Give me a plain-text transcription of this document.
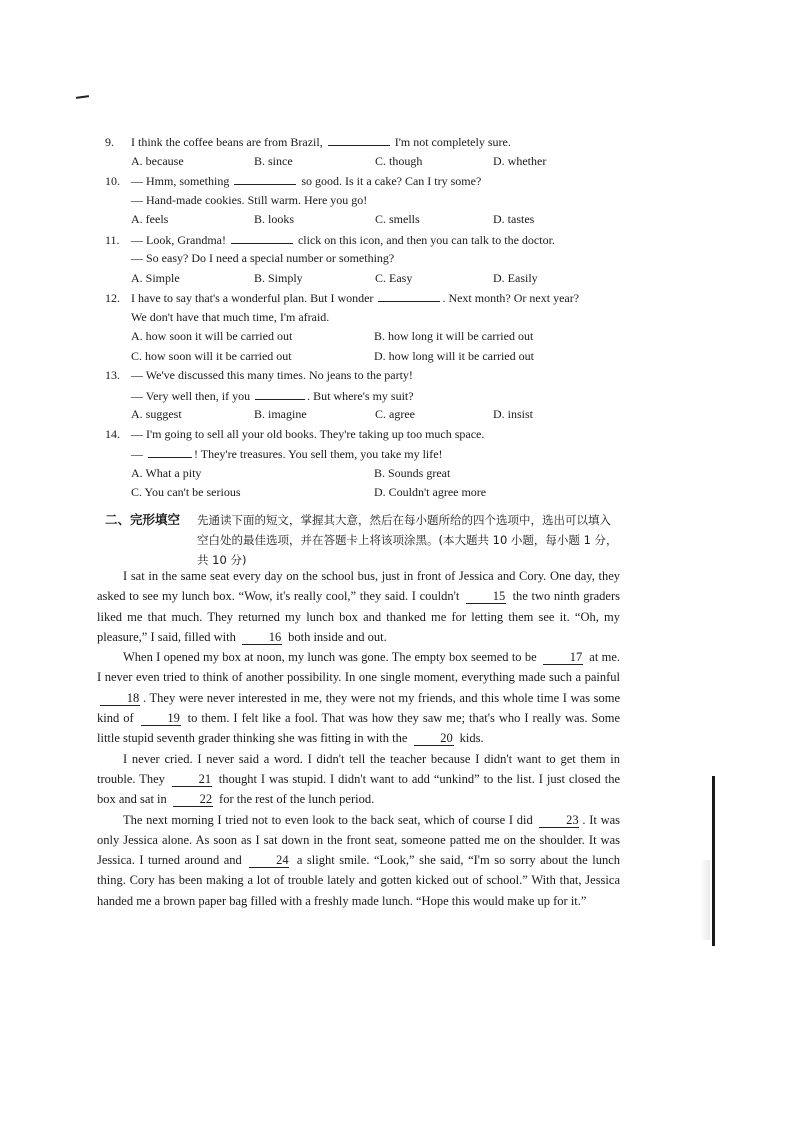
9.	I think the coffee beans are from Brazil,	I'm not completely sure.
A. because	B. since	C. though	D. whether
10. — Hmm, something	so good. Is it a cake? Can I try some?
— Hand-made cookies. Still warm. Here you go!
A. feels	B. looks	C. smells	D. tastes
11. — Look, Grandma!	click on this icon, and then you can talk to the doctor.
— So easy? Do I need a special number or something?
A. Simple	B. Simply	C. Easy	D. Easily
12. I have to say that's a wonderful plan. But I wonder	. Next month? Or next year?
We don't have that much time, I'm afraid.
A. how soon it will be carried out	B. how long it will be carried out
C. how soon will it be carried out	D. how long will it be carried out
13. — We've discussed this many times. No jeans to the party!
— Very well then, if you	. But where's my suit?
A. suggest	B. imagine	C. agree	D. insist
14. — I'm going to sell all your old books. They're taking up too much space.
—	! They're treasures. You sell them, you take my life!
A. What a pity	B. Sounds great
C. You can't be serious	D. Couldn't agree more
二、完形填空	先通读下面的短文，掌握其大意，然后在每小题所给的四个选项中，选出可以填入空白处的最佳选项，并在答题卡上将该项涂黑。(本大题共 10 小题，每小题 1 分，共 10 分)

I sat in the same seat every day on the school bus, just in front of Jessica and Cory. One day, they asked to see my lunch box. “Wow, it's really cool,” they said. I couldn't 15 the two ninth graders liked me that much. They returned my lunch box and thanked me for letting them see it. “Oh, my pleasure,” I said, filled with 16 both inside and out.

When I opened my box at noon, my lunch was gone. The empty box seemed to be 17 at me. I never even tried to think of another possibility. In one single moment, everything made such a painful 18 . They were never interested in me, they were not my friends, and this whole time I was some kind of 19 to them. I felt like a fool. That was how they saw me; that's who I really was. Some little stupid seventh grader thinking she was fitting in with the 20 kids.

I never cried. I never said a word. I didn't tell the teacher because I didn't want to get them in trouble. They 21 thought I was stupid. I didn't want to add “unkind” to the list. I just closed the box and sat in 22 for the rest of the lunch period.

The next morning I tried not to even look to the back seat, which of course I did 23 . It was only Jessica alone. As soon as I sat down in the front seat, someone patted me on the shoulder. It was Jessica. I turned around and 24 a slight smile. “Look,” she said, “I'm so sorry about the lunch thing. Cory has been making a lot of trouble lately and gotten kicked out of school.” With that, Jessica handed me a brown paper bag filled with a freshly made lunch. “Hope this would make up for it.”
